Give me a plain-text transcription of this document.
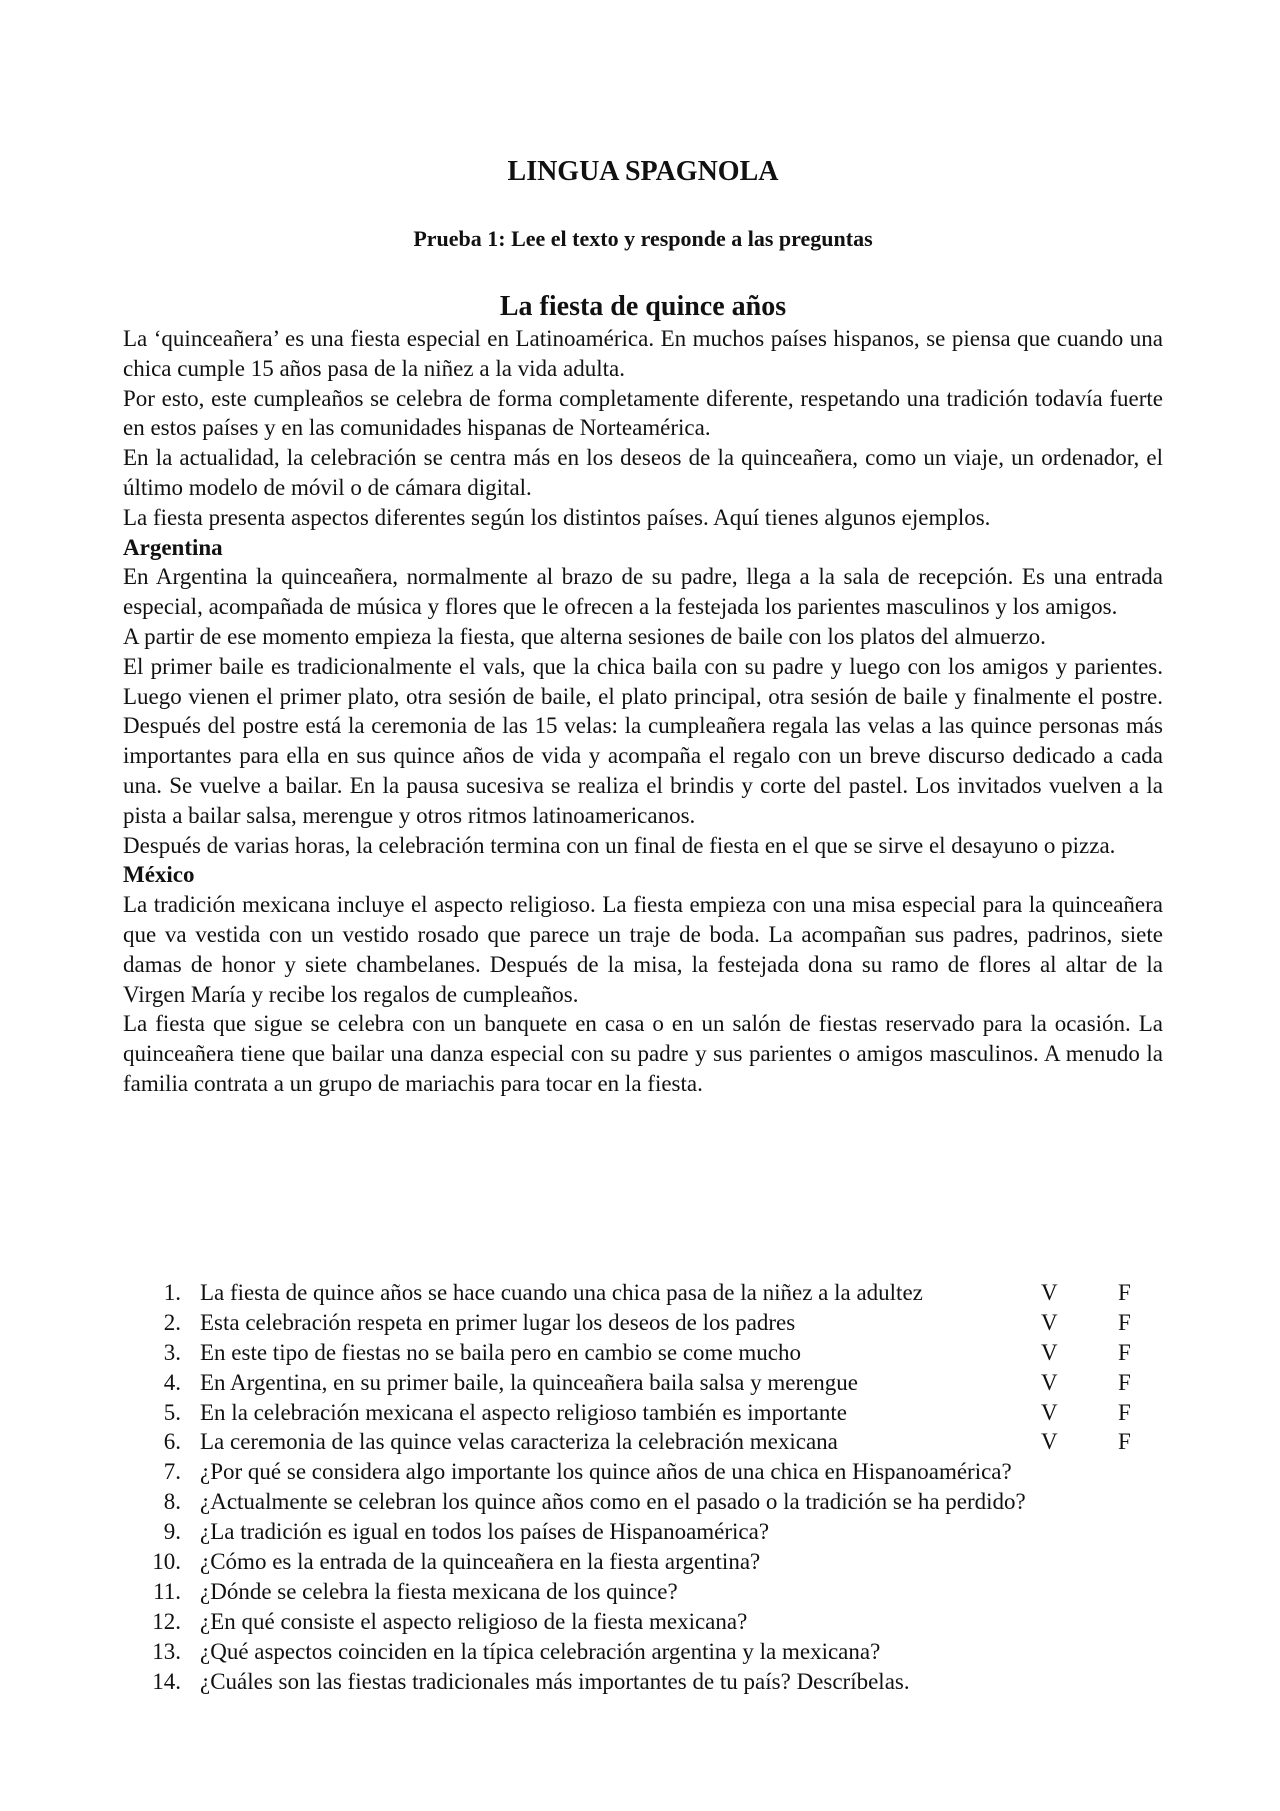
LINGUA SPAGNOLA
Prueba 1: Lee el texto y responde a las preguntas
La fiesta de quince años

La ‘quinceañera’ es una fiesta especial en Latinoamérica. En muchos países hispanos, se piensa que cuando una chica cumple 15 años pasa de la niñez a la vida adulta.

Por esto, este cumpleaños se celebra de forma completamente diferente, respetando una tradición todavía fuerte en estos países y en las comunidades hispanas de Norteamérica.

En la actualidad, la celebración se centra más en los deseos de la quinceañera, como un viaje, un ordenador, el último modelo de móvil o de cámara digital.

La fiesta presenta aspectos diferentes según los distintos países. Aquí tienes algunos ejemplos.

Argentina

En Argentina la quinceañera, normalmente al brazo de su padre, llega a la sala de recepción. Es una entrada especial, acompañada de música y flores que le ofrecen a la festejada los parientes masculinos y los amigos.

A partir de ese momento empieza la fiesta, que alterna sesiones de baile con los platos del almuerzo.

El primer baile es tradicionalmente el vals, que la chica baila con su padre y luego con los amigos y parientes. Luego vienen el primer plato, otra sesión de baile, el plato principal, otra sesión de baile y finalmente el postre. Después del postre está la ceremonia de las 15 velas: la cumpleañera regala las velas a las quince personas más importantes para ella en sus quince años de vida y acompaña el regalo con un breve discurso dedicado a cada una. Se vuelve a bailar. En la pausa sucesiva se realiza el brindis y corte del pastel. Los invitados vuelven a la pista a bailar salsa, merengue y otros ritmos latinoamericanos.

Después de varias horas, la celebración termina con un final de fiesta en el que se sirve el desayuno o pizza.

México

La tradición mexicana incluye el aspecto religioso. La fiesta empieza con una misa especial para la quinceañera que va vestida con un vestido rosado que parece un traje de boda. La acompañan sus padres, padrinos, siete damas de honor y siete chambelanes. Después de la misa, la festejada dona su ramo de flores al altar de la Virgen María y recibe los regalos de cumpleaños.

La fiesta que sigue se celebra con un banquete en casa o en un salón de fiestas reservado para la ocasión. La quinceañera tiene que bailar una danza especial con su padre y sus parientes o amigos masculinos. A menudo la familia contrata a un grupo de mariachis para tocar en la fiesta.

1. La fiesta de quince años se hace cuando una chica pasa de la niñez a la adultez	V	F
2. Esta celebración respeta en primer lugar los deseos de los padres	V	F
3. En este tipo de fiestas no se baila pero en cambio se come mucho	V	F
4. En Argentina, en su primer baile, la quinceañera baila salsa y merengue	V	F
5. En la celebración mexicana el aspecto religioso también es importante	V	F
6. La ceremonia de las quince velas caracteriza la celebración mexicana	V	F
7. ¿Por qué se considera algo importante los quince años de una chica en Hispanoamérica?
8. ¿Actualmente se celebran los quince años como en el pasado o la tradición se ha perdido?
9. ¿La tradición es igual en todos los países de Hispanoamérica?
10. ¿Cómo es la entrada de la quinceañera en la fiesta argentina?
11. ¿Dónde se celebra la fiesta mexicana de los quince?
12. ¿En qué consiste el aspecto religioso de la fiesta mexicana?
13. ¿Qué aspectos coinciden en la típica celebración argentina y la mexicana?
14. ¿Cuáles son las fiestas tradicionales más importantes de tu país? Descríbelas.
